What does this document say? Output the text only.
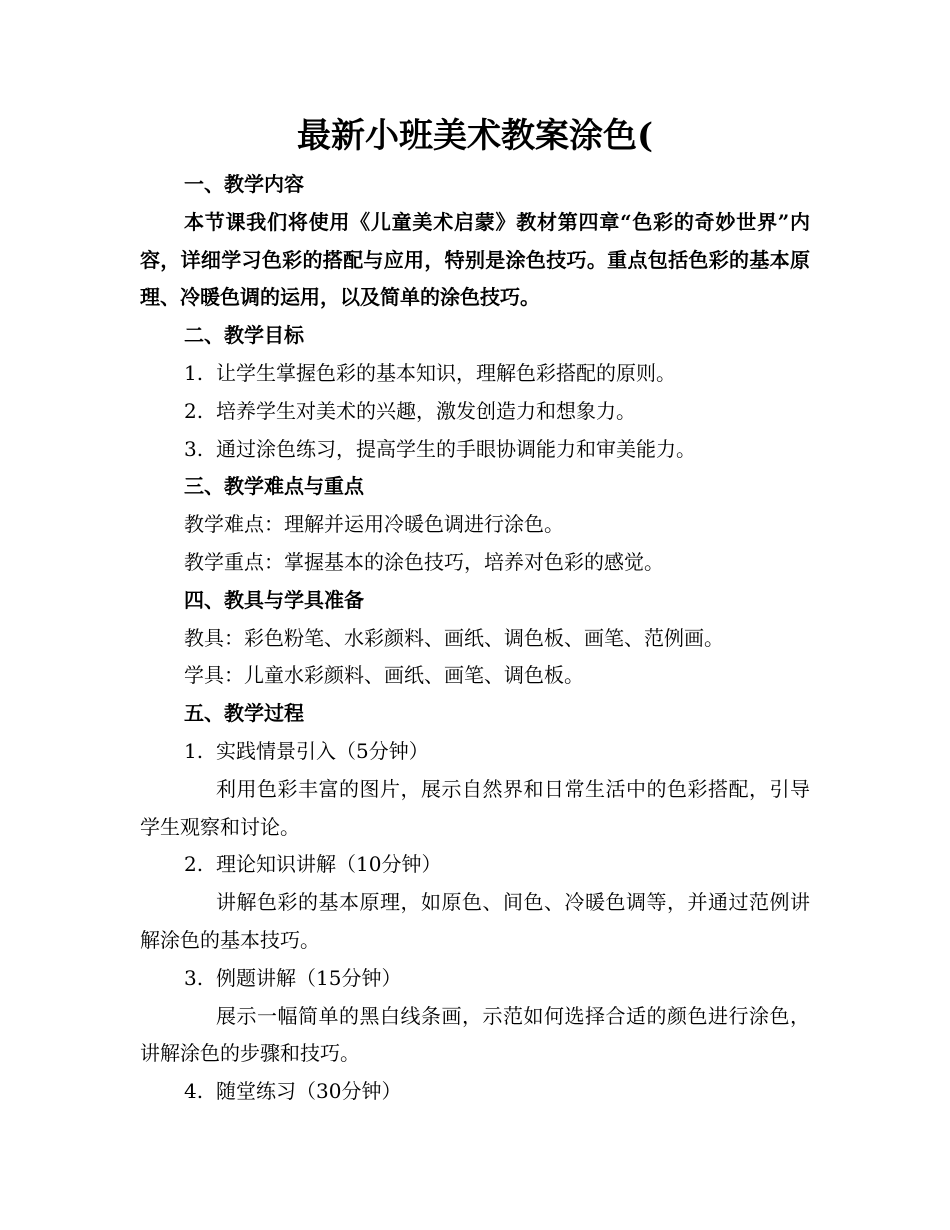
最新小班美术教案涂色(

一、教学内容

本节课我们将使用《儿童美术启蒙》教材第四章“色彩的奇妙世界”内容，详细学习色彩的搭配与应用，特别是涂色技巧。重点包括色彩的基本原理、冷暖色调的运用，以及简单的涂色技巧。

二、教学目标

1. 让学生掌握色彩的基本知识，理解色彩搭配的原则。

2. 培养学生对美术的兴趣，激发创造力和想象力。

3. 通过涂色练习，提高学生的手眼协调能力和审美能力。

三、教学难点与重点

教学难点：理解并运用冷暖色调进行涂色。

教学重点：掌握基本的涂色技巧，培养对色彩的感觉。

四、教具与学具准备

教具：彩色粉笔、水彩颜料、画纸、调色板、画笔、范例画。

学具：儿童水彩颜料、画纸、画笔、调色板。

五、教学过程

1. 实践情景引入（5分钟）

利用色彩丰富的图片，展示自然界和日常生活中的色彩搭配，引导学生观察和讨论。

2. 理论知识讲解（10分钟）

讲解色彩的基本原理，如原色、间色、冷暖色调等，并通过范例讲解涂色的基本技巧。

3. 例题讲解（15分钟）

展示一幅简单的黑白线条画，示范如何选择合适的颜色进行涂色，讲解涂色的步骤和技巧。

4. 随堂练习（30分钟）
